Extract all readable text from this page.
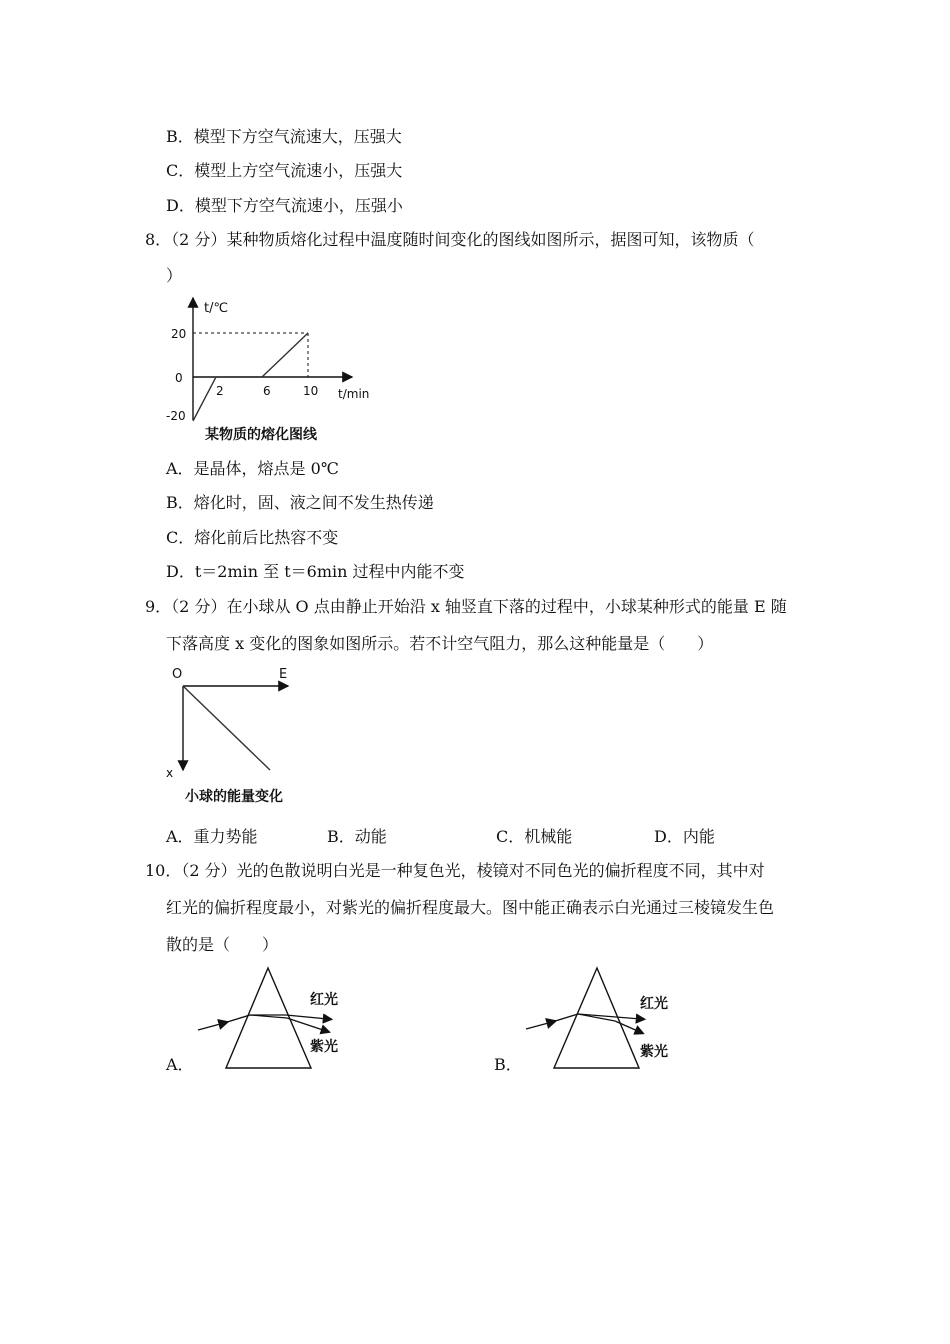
B．模型下方空气流速大，压强大
C．模型上方空气流速小，压强大
D．模型下方空气流速小，压强小
8．（2 分）某种物质熔化过程中温度随时间变化的图线如图所示，据图可知，该物质（
）
t/℃
t/min
20
0
-20
2	6	10
某物质的熔化图线
A．是晶体，熔点是 0℃
B．熔化时，固、液之间不发生热传递
C．熔化前后比热容不变
D．t＝2min 至 t＝6min 过程中内能不变
9．（2 分）在小球从 O 点由静止开始沿 x 轴竖直下落的过程中，小球某种形式的能量 E 随
下落高度 x 变化的图象如图所示。若不计空气阻力，那么这种能量是（　　）
O	E
x
小球的能量变化
A．重力势能	B．动能	C．机械能	D．内能
10．（2 分）光的色散说明白光是一种复色光，棱镜对不同色光的偏折程度不同，其中对
红光的偏折程度最小，对紫光的偏折程度最大。图中能正确表示白光通过三棱镜发生色
散的是（　　）
A．
红光
紫光
B．
红光
紫光
